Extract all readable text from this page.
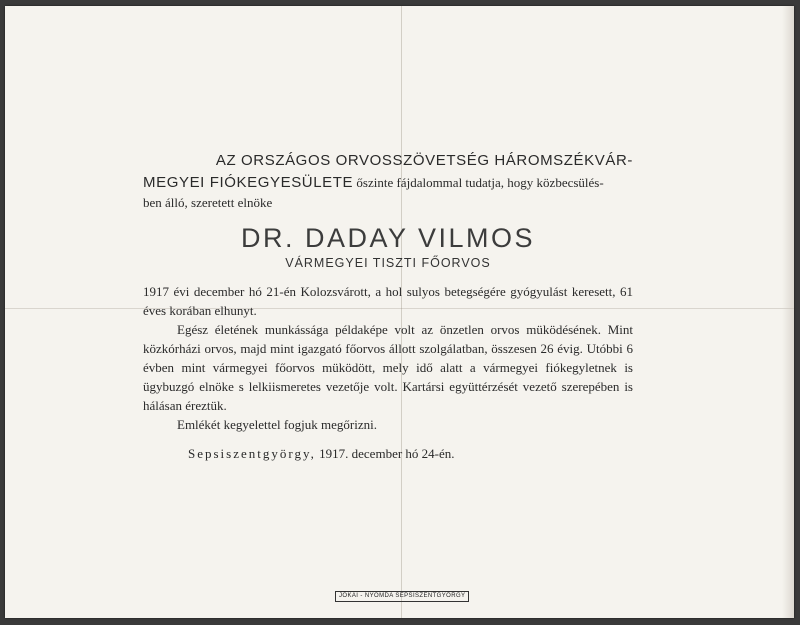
AZ ORSZÁGOS ORVOSSZÖVETSÉG HÁROMSZÉKVÁR-

MEGYEI FIÓKEGYESÜLETE őszinte fájdalommal tudatja, hogy közbecsülés-

ben álló, szeretett elnöke

DR. DADAY VILMOS
VÁRMEGYEI TISZTI FŐORVOS

1917 évi december hó 21-én Kolozsvárott, a hol sulyos betegségére gyógyulást keresett, 61 éves korában elhunyt.

Egész életének munkássága példaképe volt az önzetlen orvos müködésének. Mint közkórházi orvos, majd mint igazgató főorvos állott szolgálatban, összesen 26 évig. Utóbbi 6 évben mint vármegyei főorvos müködött, mely idő alatt a vármegyei fiókegyletnek is ügybuzgó elnöke s lelkiismeretes vezetője volt. Kartársi együttérzését vezető szerepében is hálásan éreztük.

Emlékét kegyelettel fogjuk megőrizni.

Sepsiszentgyörgy, 1917. december hó 24-én.

JÓKAI - NYOMDA SEPSISZENTGYÖRGY
